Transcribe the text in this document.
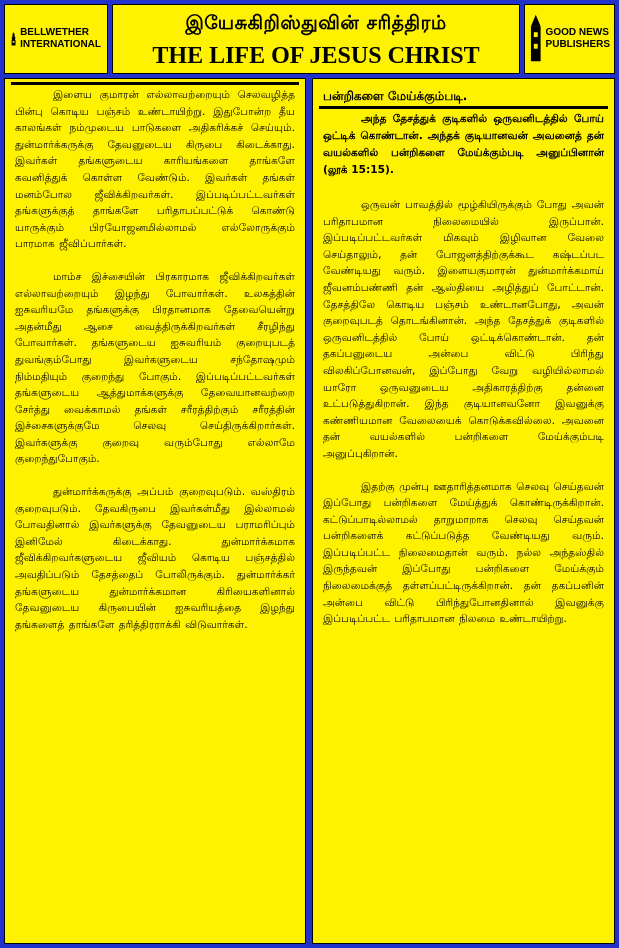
BELLWETHER
INTERNATIONAL
இயேசுகிறிஸ்துவின் சரித்திரம்
THE LIFE OF JESUS CHRIST
GOOD NEWS
PUBLISHERS

இளைய குமாரன் எல்லாவற்றையும் செலவழித்த பின்பு கொடிய பஞ்சம் உண்டாயிற்று. இதுபோன்ற தீய காலங்கள் நம்முடைய பாடுகளை அதிகரிக்கச் செய்யும். துன்மார்க்கருக்கு தேவனுடைய கிருபை கிடைக்காது. இவர்கள் தங்களுடைய காரியங்களை தாங்களே கவனித்துக் கொள்ள வேண்டும். இவர்கள் தங்கள் மனம்போல ஜீவிக்கிறவர்கள். இப்படிப்பட்டவர்கள் தங்களுக்குத் தாங்களே பரிதாபப்பட்டுக் கொண்டு யாருக்கும் பிரயோஜனமில்லாமல் எல்லோருக்கும் பாரமாக ஜீவிப்பார்கள்.

மாம்ச இச்சையின் பிரகாரமாக ஜீவிக்கிறவர்கள் எல்லாவற்றையும் இழந்து போவார்கள். உலகத்தின் ஐசுவரியமே தங்களுக்கு பிரதானமாக தேவையென்று அதன்மீது ஆசை வைத்திருக்கிறவர்கள் சீரழிந்து போவார்கள். தங்களுடைய ஐசுவரியம் குறையுபடத் துவங்கும்போது இவர்களுடைய சந்தோஷமும் நிம்மதியும் குறைந்து போகும். இப்படிப்பட்டவர்கள் தங்களுடைய ஆத்துமாக்களுக்கு தேவையானவற்றை சேர்த்து வைக்காமல் தங்கள் சரீரத்திற்கும் சரீரத்தின் இச்சைகளுக்குமே செலவு செய்திருக்கிறார்கள். இவர்களுக்கு குறைவு வரும்போது எல்லாமே குறைந்துபோகும்.

துன்மார்க்கருக்கு அப்பம் குறைவுபடும். வஸ்திரம் குறைவுபடும். தேவகிருபை இவர்கள்மீது இல்லாமல் போவதினால் இவர்களுக்கு தேவனுடைய பராமரிப்பும் இனிமேல் கிடைக்காது. துன்மார்க்கமாக ஜீவிக்கிறவர்களுடைய ஜீவியம் கொடிய பஞ்சத்தில் அவதிப்படும் தேசத்தைப் போலிருக்கும். துன்மார்க்கர் தங்களுடைய துன்மார்க்கமான கிரியைகளினால் தேவனுடைய கிருபையின் ஐசுவரியத்தை இழந்து தங்களைத் தாங்களே தரித்திரராக்கி விடுவார்கள்.

பன்றிகளை மேய்க்கும்படி.

அந்த தேசத்துக் குடிகளில் ஒருவனிடத்தில் போய் ஒட்டிக் கொண்டான். அந்தக் குடியானவன் அவனைத் தன் வயல்களில் பன்றிகளை மேய்க்கும்படி அனுப்பினான் (லூக் 15:15).

ஒருவன் பாவத்தில் மூழ்கியிருக்கும் போது அவன் பரிதாபமான நிலைமையில் இருப்பான். இப்படிப்பட்டவர்கள் மிகவும் இழிவான வேலை செய்தாலும், தன் போஜனத்திற்குக்கூட கஷ்டப்பட வேண்டியது வரும். இளையகுமாரன் துன்மார்க்கமாய் ஜீவனம்பண்ணி தன் ஆஸ்தியை அழித்துப் போட்டான். தேசத்திலே கொடிய பஞ்சம் உண்டானபோது, அவன் குறைவுபடத் தொடங்கினான். அந்த தேசத்துக் குடிகளில் ஒருவனிடத்தில் போய் ஒட்டிக்கொண்டான். தன் தகப்பனுடைய அன்பை விட்டு பிரிந்து விலகிப்போனவன், இப்போது வேறு வழியில்லாமல் யாரோ ஒருவனுடைய அதிகாரத்திற்கு தன்னை உட்படுத்துகிறான். இந்த குடியானவனோ இவனுக்கு கண்ணியமான வேலையைக் கொடுக்கவில்லை. அவனை தன் வயல்களில் பன்றிகளை மேய்க்கும்படி அனுப்புகிறான்.

இதற்கு முன்பு ஊதாரித்தனமாக செலவு செய்தவன் இப்போது பன்றிகளை மேய்த்துக் கொண்டிருக்கிறான். கட்டுப்பாடில்லாமல் தாறுமாறாக செலவு செய்தவன் பன்றிகளைக் கட்டுப்படுத்த வேண்டியது வரும். இப்படிப்பட்ட நிலைமைதான் வரும். நல்ல அந்தஸ்தில் இருந்தவன் இப்போது பன்றிகளை மேய்க்கும் நிலைமைக்குத் தள்ளப்பட்டிருக்கிறான். தன் தகப்பனின் அன்பை விட்டு பிரிந்துபோனதினால் இவனுக்கு இப்படிப்பட்ட பரிதாபமான நிலமை உண்டாயிற்று.
